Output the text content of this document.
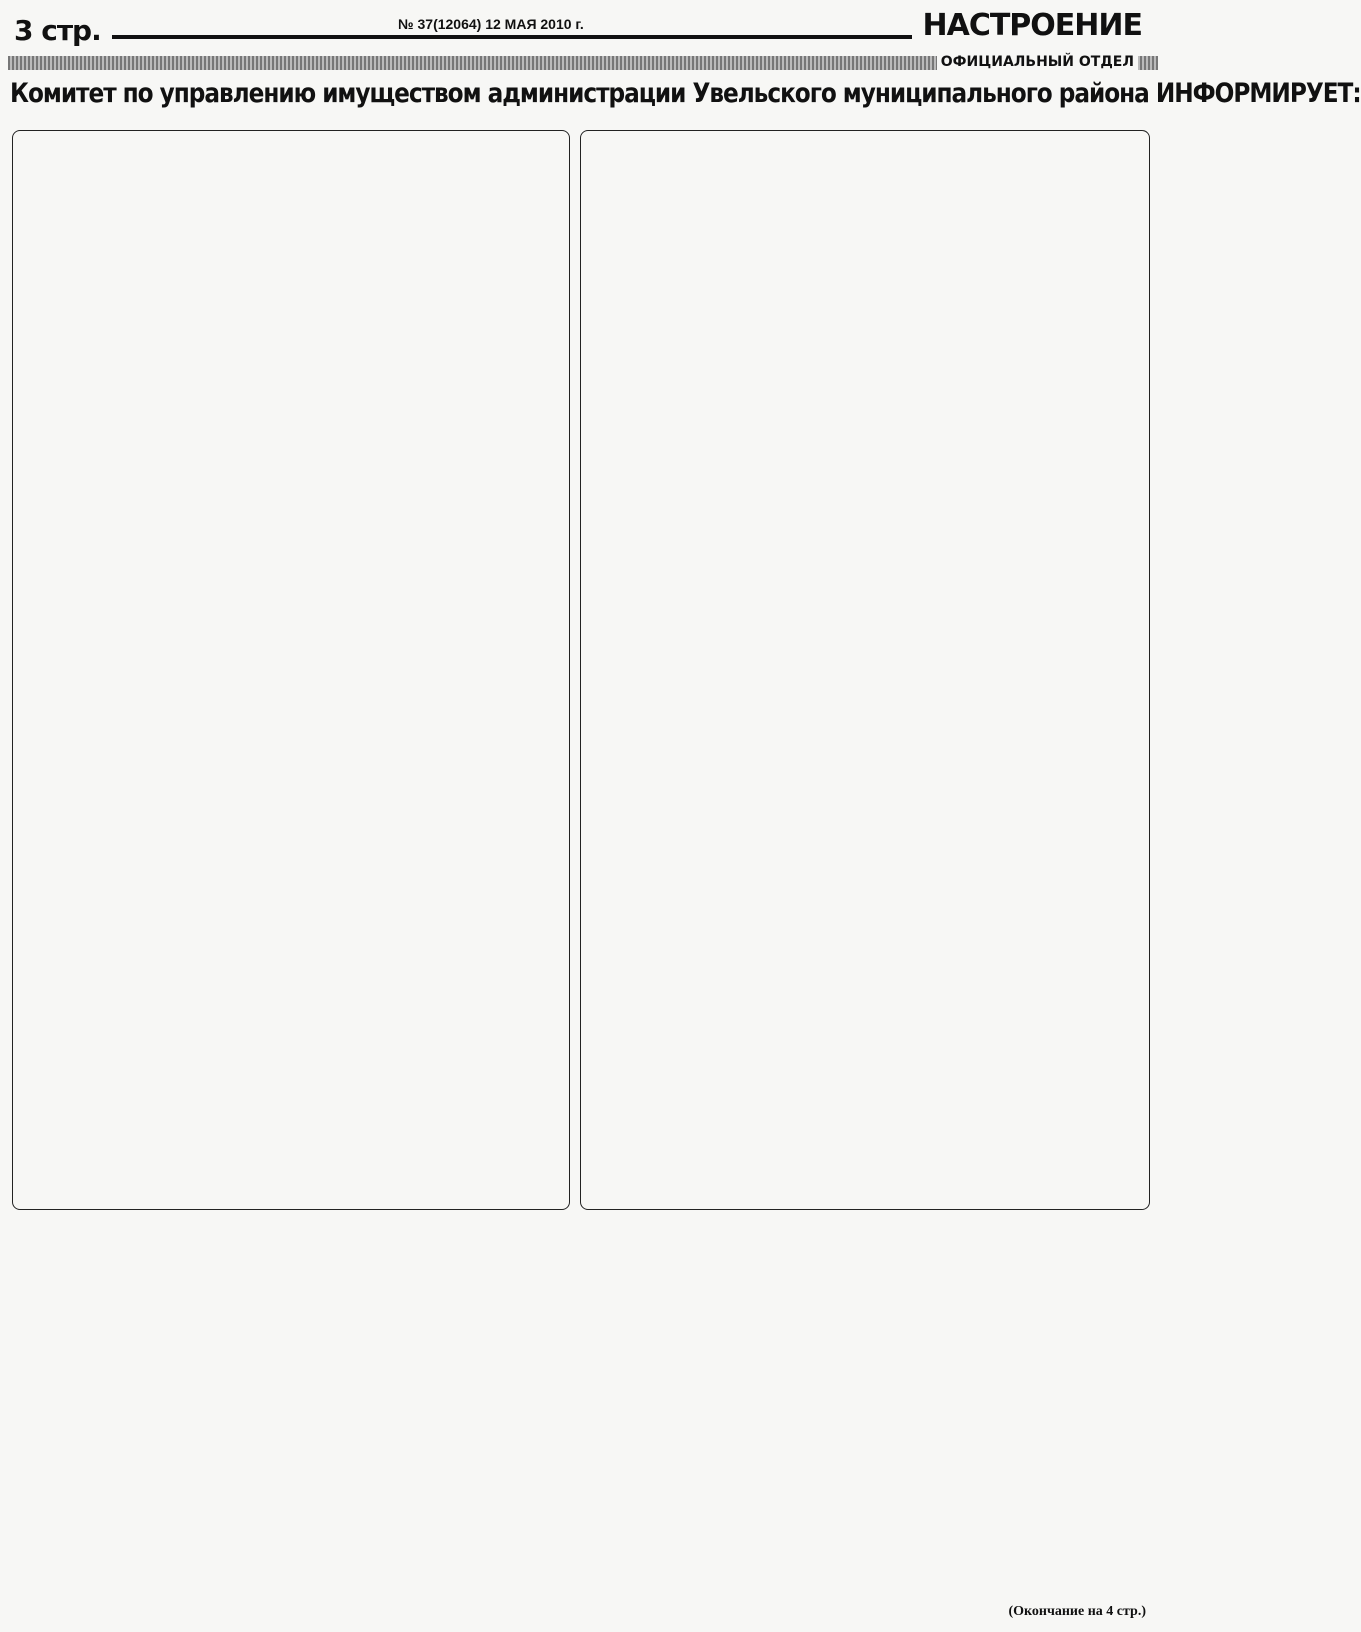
3 стр.	№ 37(12064) 12 МАЯ 2010 г.	НАСТРОЕНИЕ
ОФИЦИАЛЬНЫЙ ОТДЕЛ
Комитет по управлению имуществом администрации Увельского муниципального района ИНФОРМИРУЕТ:
(Окончание на 4 стр.)
